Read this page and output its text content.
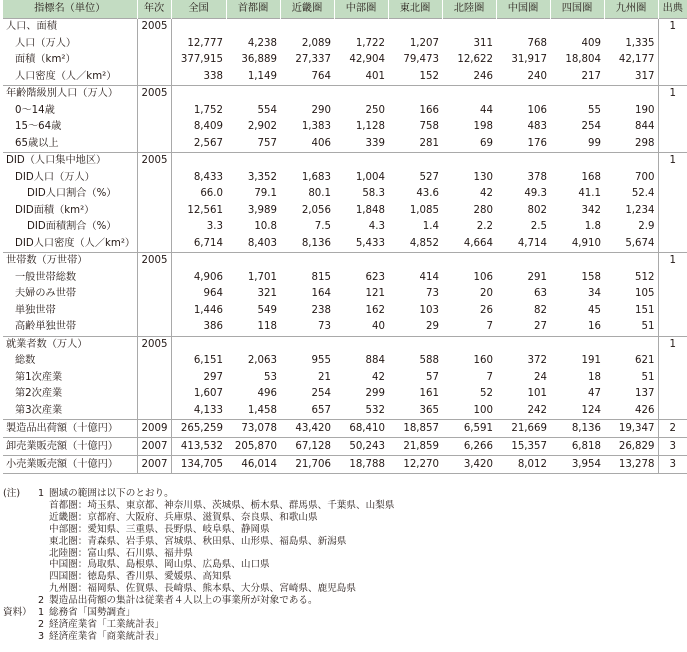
指標名（単位）	年次	全国	首都圏	近畿圏	中部圏	東北圏	北陸圏	中国圏	四国圏	九州圏	出典
人口、面積	2005										1
人口（万人）		12,777	4,238	2,089	1,722	1,207	311	768	409	1,335	
面積（km²）		377,915	36,889	27,337	42,904	79,473	12,622	31,917	18,804	42,177	
人口密度（人／km²）		338	1,149	764	401	152	246	240	217	317	
年齢階級別人口（万人）	2005										1
0〜14歳		1,752	554	290	250	166	44	106	55	190	
15〜64歳		8,409	2,902	1,383	1,128	758	198	483	254	844	
65歳以上		2,567	757	406	339	281	69	176	99	298	
DID（人口集中地区）	2005										1
DID人口（万人）		8,433	3,352	1,683	1,004	527	130	378	168	700	
DID人口割合（%）		66.0	79.1	80.1	58.3	43.6	42	49.3	41.1	52.4	
DID面積（km²）		12,561	3,989	2,056	1,848	1,085	280	802	342	1,234	
DID面積割合（%）		3.3	10.8	7.5	4.3	1.4	2.2	2.5	1.8	2.9	
DID人口密度（人／km²）		6,714	8,403	8,136	5,433	4,852	4,664	4,714	4,910	5,674	
世帯数（万世帯）	2005										1
一般世帯総数		4,906	1,701	815	623	414	106	291	158	512	
夫婦のみ世帯		964	321	164	121	73	20	63	34	105	
単独世帯		1,446	549	238	162	103	26	82	45	151	
高齢単独世帯		386	118	73	40	29	7	27	16	51	
就業者数（万人）	2005										1
総数		6,151	2,063	955	884	588	160	372	191	621	
第1次産業		297	53	21	42	57	7	24	18	51	
第2次産業		1,607	496	254	299	161	52	101	47	137	
第3次産業		4,133	1,458	657	532	365	100	242	124	426	
製造品出荷額（十億円）	2009	265,259	73,078	43,420	68,410	18,857	6,591	21,669	8,136	19,347	2
卸売業販売額（十億円）	2007	413,532	205,870	67,128	50,243	21,859	6,266	15,357	6,818	26,829	3
小売業販売額（十億円）	2007	134,705	46,014	21,706	18,788	12,270	3,420	8,012	3,954	13,278	3
(注)	1 圏域の範囲は以下のとおり。
首都圏：埼玉県、東京都、神奈川県、茨城県、栃木県、群馬県、千葉県、山梨県
近畿圏：京都府、大阪府、兵庫県、滋賀県、奈良県、和歌山県
中部圏：愛知県、三重県、長野県、岐阜県、静岡県
東北圏：青森県、岩手県、宮城県、秋田県、山形県、福島県、新潟県
北陸圏：富山県、石川県、福井県
中国圏：鳥取県、島根県、岡山県、広島県、山口県
四国圏：徳島県、香川県、愛媛県、高知県
九州圏：福岡県、佐賀県、長崎県、熊本県、大分県、宮崎県、鹿児島県
2 製造品出荷額の集計は従業者４人以上の事業所が対象である。
資料） 1 総務省「国勢調査」
2 経済産業省「工業統計表」
3 経済産業省「商業統計表」
